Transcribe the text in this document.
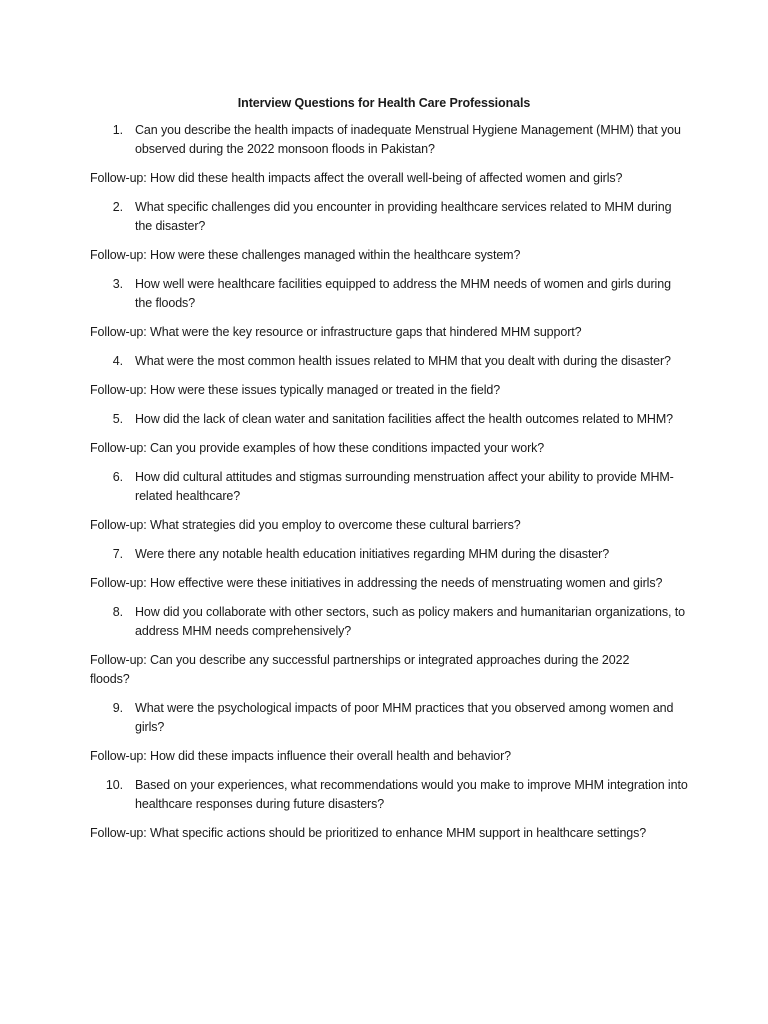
Interview Questions for Health Care Professionals
1. Can you describe the health impacts of inadequate Menstrual Hygiene Management (MHM) that you observed during the 2022 monsoon floods in Pakistan?
Follow-up: How did these health impacts affect the overall well-being of affected women and girls?
2. What specific challenges did you encounter in providing healthcare services related to MHM during the disaster?
Follow-up: How were these challenges managed within the healthcare system?
3. How well were healthcare facilities equipped to address the MHM needs of women and girls during the floods?
Follow-up: What were the key resource or infrastructure gaps that hindered MHM support?
4. What were the most common health issues related to MHM that you dealt with during the disaster?
Follow-up: How were these issues typically managed or treated in the field?
5. How did the lack of clean water and sanitation facilities affect the health outcomes related to MHM?
Follow-up: Can you provide examples of how these conditions impacted your work?
6. How did cultural attitudes and stigmas surrounding menstruation affect your ability to provide MHM-related healthcare?
Follow-up: What strategies did you employ to overcome these cultural barriers?
7. Were there any notable health education initiatives regarding MHM during the disaster?
Follow-up: How effective were these initiatives in addressing the needs of menstruating women and girls?
8. How did you collaborate with other sectors, such as policy makers and humanitarian organizations, to address MHM needs comprehensively?
Follow-up: Can you describe any successful partnerships or integrated approaches during the 2022 floods?
9. What were the psychological impacts of poor MHM practices that you observed among women and girls?
Follow-up: How did these impacts influence their overall health and behavior?
10. Based on your experiences, what recommendations would you make to improve MHM integration into healthcare responses during future disasters?
Follow-up: What specific actions should be prioritized to enhance MHM support in healthcare settings?
